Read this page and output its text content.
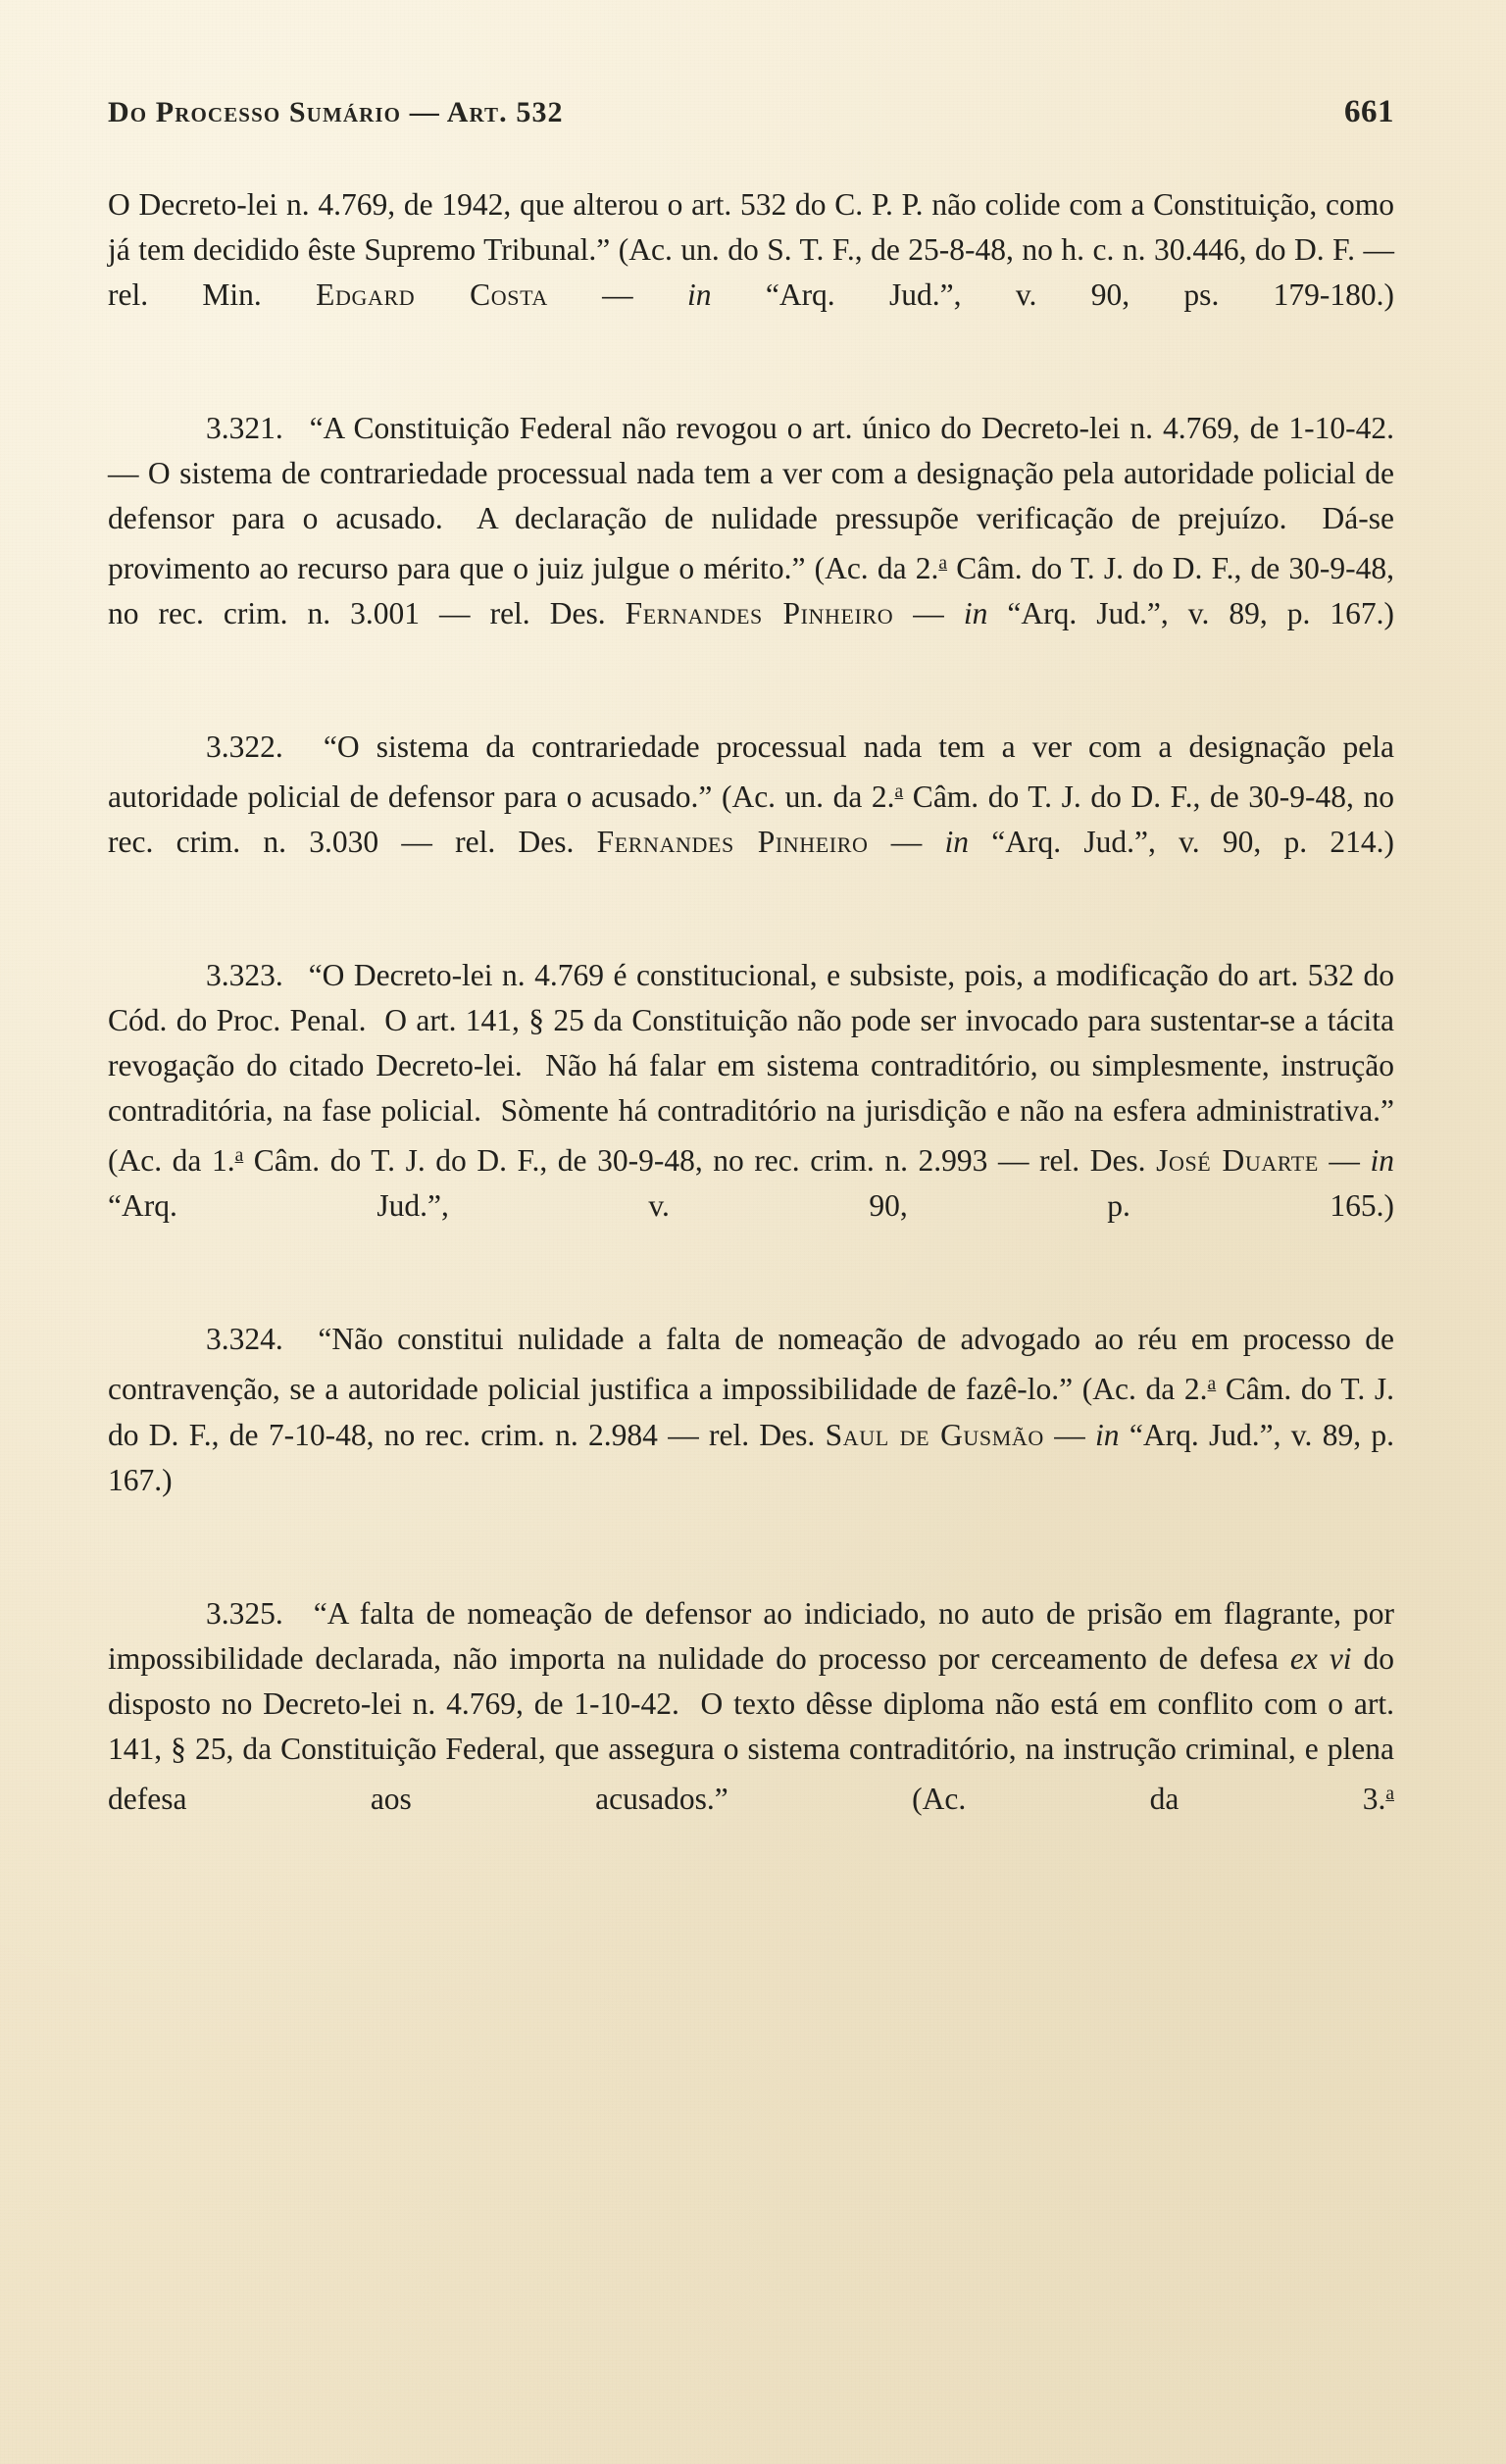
Do Processo Sumário — Art. 532	661

O Decreto-lei n. 4.769, de 1942, que alterou o art. 532 do C. P. P. não colide com a Constituição, como já tem decidido êste Supremo Tribunal.” (Ac. un. do S. T. F., de 25-8-48, no h. c. n. 30.446, do D. F. — rel. Min. Edgard Costa — in “Arq. Jud.”, v. 90, ps. 179-180.)

3.321.  “A Constituição Federal não revogou o art. único do Decreto-lei n. 4.769, de 1-10-42. — O sistema de contrariedade processual nada tem a ver com a designação pela autoridade policial de defensor para o acusado.  A declaração de nulidade pressupõe verificação de prejuízo.  Dá-se provimento ao recurso para que o juiz julgue o mérito.” (Ac. da 2.$^a$ Câm. do T. J. do D. F., de 30-9-48, no rec. crim. n. 3.001 — rel. Des. Fernandes Pinheiro — in “Arq. Jud.”, v. 89, p. 167.)

3.322.  “O sistema da contrariedade processual nada tem a ver com a designação pela autoridade policial de defensor para o acusado.” (Ac. un. da 2.$^a$ Câm. do T. J. do D. F., de 30-9-48, no rec. crim. n. 3.030 — rel. Des. Fernandes Pinheiro — in “Arq. Jud.”, v. 90, p. 214.)

3.323.  “O Decreto-lei n. 4.769 é constitucional, e subsiste, pois, a modificação do art. 532 do Cód. do Proc. Penal.  O art. 141, § 25 da Constituição não pode ser invocado para sustentar-se a tácita revogação do citado Decreto-lei.  Não há falar em sistema contraditório, ou simplesmente, instrução contraditória, na fase policial.  Sòmente há contraditório na jurisdição e não na esfera administrativa.” (Ac. da 1.$^a$ Câm. do T. J. do D. F., de 30-9-48, no rec. crim. n. 2.993 — rel. Des. José Duarte — in “Arq. Jud.”, v. 90, p. 165.)

3.324.  “Não constitui nulidade a falta de nomeação de advogado ao réu em processo de contravenção, se a autoridade policial justifica a impossibilidade de fazê-lo.” (Ac. da 2.$^a$ Câm. do T. J. do D. F., de 7-10-48, no rec. crim. n. 2.984 — rel. Des. Saul de Gusmão — in “Arq. Jud.”, v. 89, p. 167.)

3.325.  “A falta de nomeação de defensor ao indiciado, no auto de prisão em flagrante, por impossibilidade declarada, não importa na nulidade do processo por cerceamento de defesa ex vi do disposto no Decreto-lei n. 4.769, de 1-10-42.  O texto dêsse diploma não está em conflito com o art. 141, § 25, da Constituição Federal, que assegura o sistema contraditório, na instrução criminal, e plena defesa aos acusados.” (Ac. da 3.$^a$
